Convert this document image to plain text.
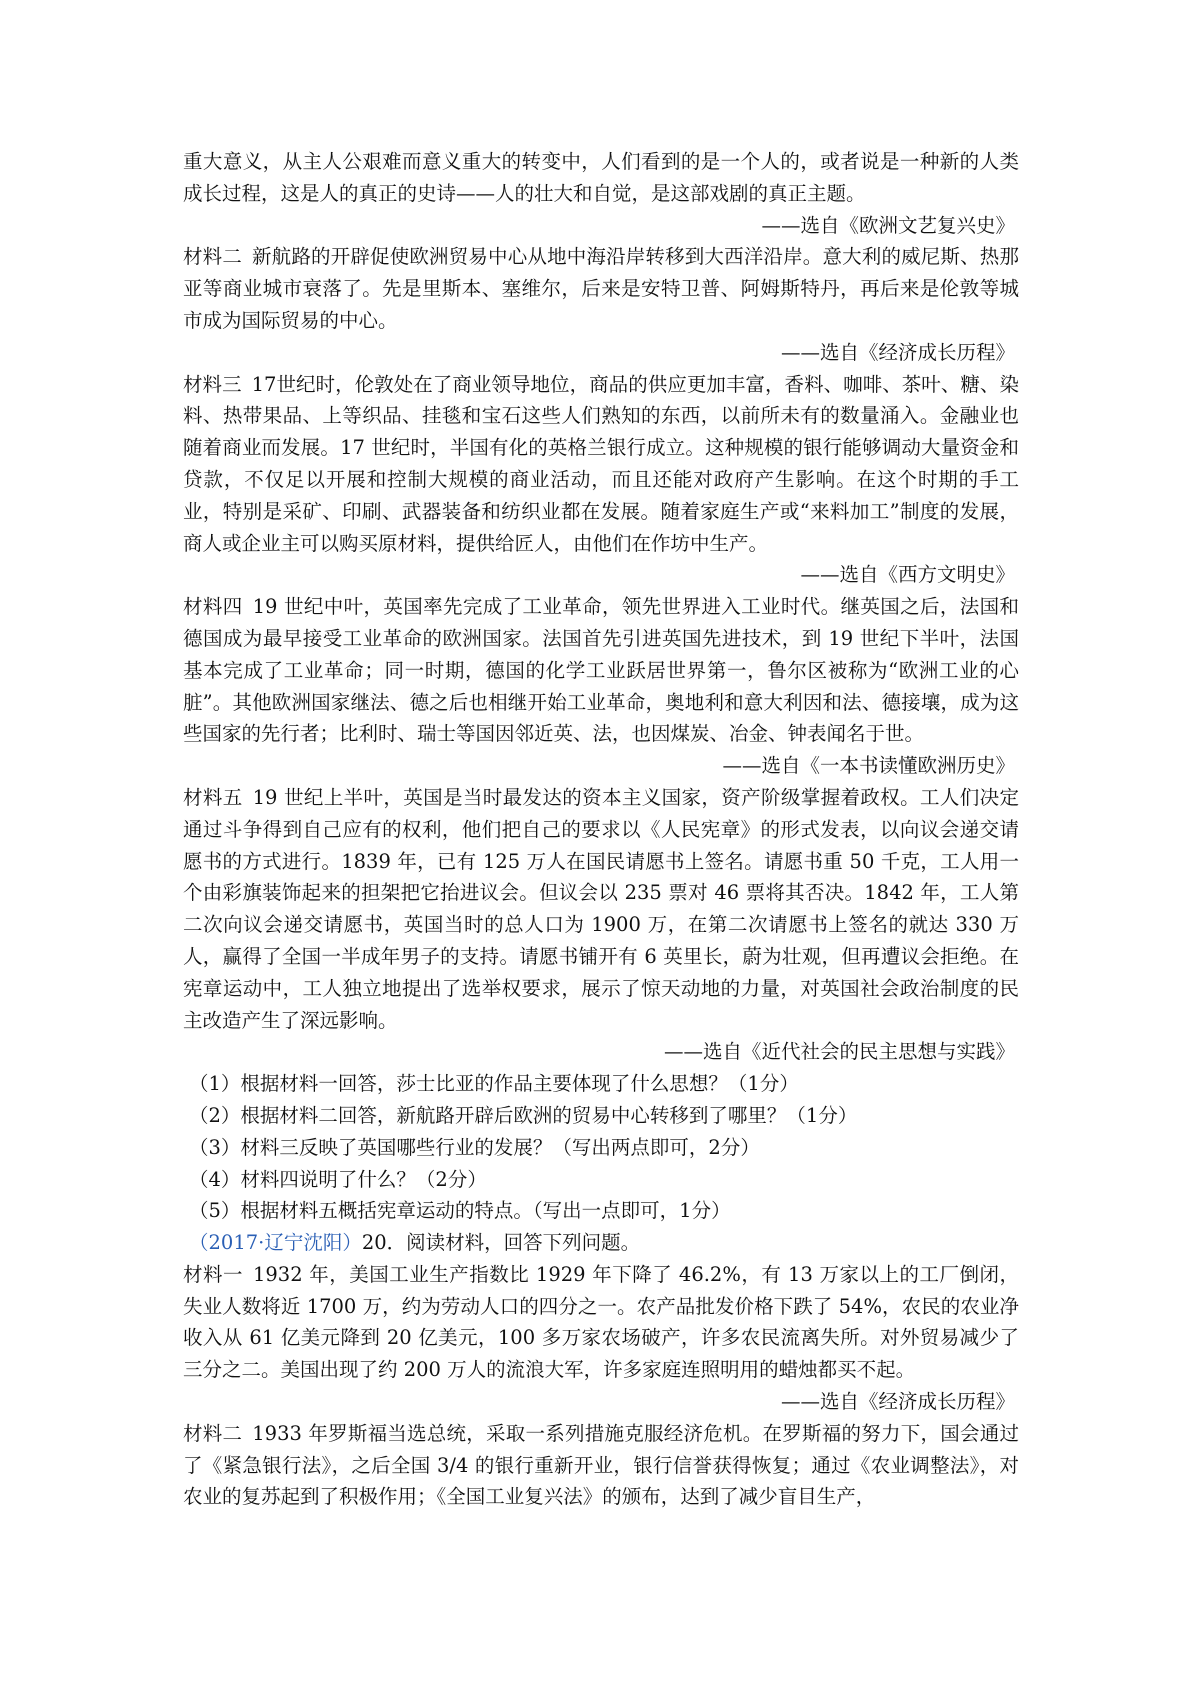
重大意义，从主人公艰难而意义重大的转变中，人们看到的是一个人的，或者说是一种新的人类成长过程，这是人的真正的史诗——人的壮大和自觉，是这部戏剧的真正主题。

——选自《欧洲文艺复兴史》

材料二 新航路的开辟促使欧洲贸易中心从地中海沿岸转移到大西洋沿岸。意大利的威尼斯、热那亚等商业城市衰落了。先是里斯本、塞维尔，后来是安特卫普、阿姆斯特丹，再后来是伦敦等城市成为国际贸易的中心。

——选自《经济成长历程》

材料三 17世纪时，伦敦处在了商业领导地位，商品的供应更加丰富，香料、咖啡、茶叶、糖、染料、热带果品、上等织品、挂毯和宝石这些人们熟知的东西，以前所未有的数量涌入。金融业也随着商业而发展。17 世纪时，半国有化的英格兰银行成立。这种规模的银行能够调动大量资金和贷款，不仅足以开展和控制大规模的商业活动，而且还能对政府产生影响。在这个时期的手工业，特别是采矿、印刷、武器装备和纺织业都在发展。随着家庭生产或“来料加工”制度的发展，商人或企业主可以购买原材料，提供给匠人，由他们在作坊中生产。

——选自《西方文明史》

材料四 19 世纪中叶，英国率先完成了工业革命，领先世界进入工业时代。继英国之后，法国和德国成为最早接受工业革命的欧洲国家。法国首先引进英国先进技术，到 19 世纪下半叶，法国基本完成了工业革命；同一时期，德国的化学工业跃居世界第一，鲁尔区被称为“欧洲工业的心脏”。其他欧洲国家继法、德之后也相继开始工业革命，奥地利和意大利因和法、德接壤，成为这些国家的先行者；比利时、瑞士等国因邻近英、法，也因煤炭、冶金、钟表闻名于世。

——选自《一本书读懂欧洲历史》

材料五 19 世纪上半叶，英国是当时最发达的资本主义国家，资产阶级掌握着政权。工人们决定通过斗争得到自己应有的权利，他们把自己的要求以《人民宪章》的形式发表，以向议会递交请愿书的方式进行。1839 年，已有 125 万人在国民请愿书上签名。请愿书重 50 千克，工人用一个由彩旗装饰起来的担架把它抬进议会。但议会以 235 票对 46 票将其否决。1842 年，工人第二次向议会递交请愿书，英国当时的总人口为 1900 万，在第二次请愿书上签名的就达 330 万人，赢得了全国一半成年男子的支持。请愿书铺开有 6 英里长，蔚为壮观，但再遭议会拒绝。在宪章运动中，工人独立地提出了选举权要求，展示了惊天动地的力量，对英国社会政治制度的民主改造产生了深远影响。

——选自《近代社会的民主思想与实践》

（1）根据材料一回答，莎士比亚的作品主要体现了什么思想？（1分）

（2）根据材料二回答，新航路开辟后欧洲的贸易中心转移到了哪里？（1分）

（3）材料三反映了英国哪些行业的发展？（写出两点即可，2分）

（4）材料四说明了什么？（2分）

（5）根据材料五概括宪章运动的特点。（写出一点即可，1分）

（2017·辽宁沈阳）20．阅读材料，回答下列问题。

材料一 1932 年，美国工业生产指数比 1929 年下降了 46.2%，有 13 万家以上的工厂倒闭，失业人数将近 1700 万，约为劳动人口的四分之一。农产品批发价格下跌了 54%，农民的农业净收入从 61 亿美元降到 20 亿美元，100 多万家农场破产，许多农民流离失所。对外贸易减少了三分之二。美国出现了约 200 万人的流浪大军，许多家庭连照明用的蜡烛都买不起。

——选自《经济成长历程》

材料二 1933 年罗斯福当选总统，采取一系列措施克服经济危机。在罗斯福的努力下，国会通过了《紧急银行法》，之后全国 3/4 的银行重新开业，银行信誉获得恢复；通过《农业调整法》，对农业的复苏起到了积极作用；《全国工业复兴法》的颁布，达到了减少盲目生产，
